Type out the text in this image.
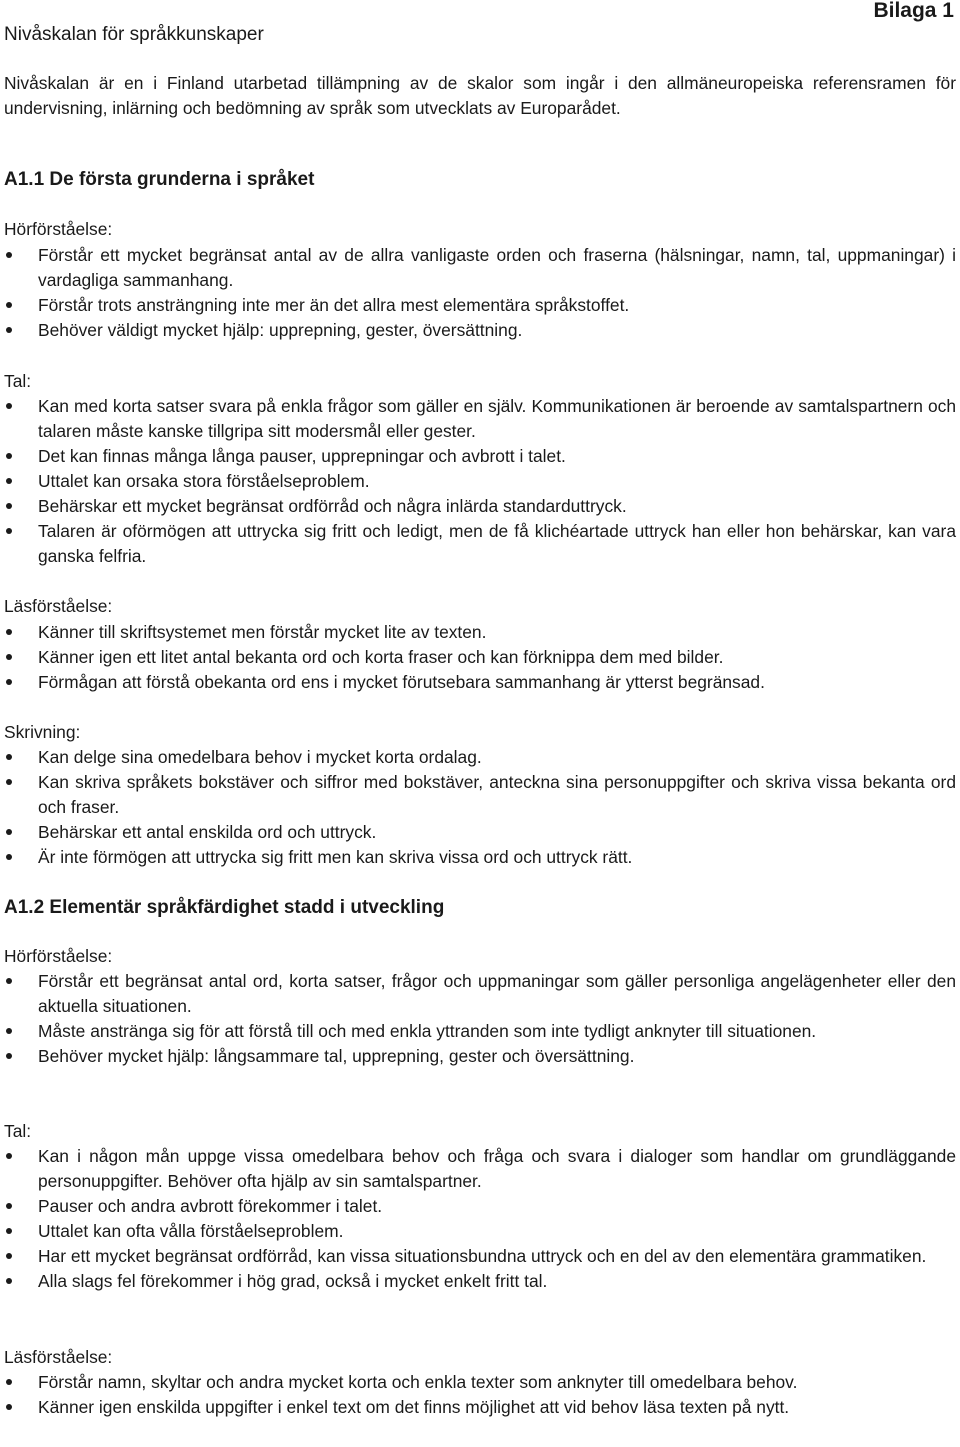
Bilaga 1
Nivåskalan för språkkunskaper
Nivåskalan är en i Finland utarbetad tillämpning av de skalor som ingår i den allmäneuropeiska referensramen för undervisning, inlärning och bedömning av språk som utvecklats av Europarådet.
A1.1 De första grunderna i språket
Hörförståelse:
Förstår ett mycket begränsat antal av de allra vanligaste orden och fraserna (hälsningar, namn, tal, uppmaningar) i vardagliga sammanhang.
Förstår trots ansträngning inte mer än det allra mest elementära språkstoffet.
Behöver väldigt mycket hjälp: upprepning, gester, översättning.
Tal:
Kan med korta satser svara på enkla frågor som gäller en själv. Kommunikationen är beroende av samtalspartnern och talaren måste kanske tillgripa sitt modersmål eller gester.
Det kan finnas många långa pauser, upprepningar och avbrott i talet.
Uttalet kan orsaka stora förståelseproblem.
Behärskar ett mycket begränsat ordförråd och några inlärda standarduttryck.
Talaren är oförmögen att uttrycka sig fritt och ledigt, men de få klichéartade uttryck han eller hon behärskar, kan vara ganska felfria.
Läsförståelse:
Känner till skriftsystemet men förstår mycket lite av texten.
Känner igen ett litet antal bekanta ord och korta fraser och kan förknippa dem med bilder.
Förmågan att förstå obekanta ord ens i mycket förutsebara sammanhang är ytterst begränsad.
Skrivning:
Kan delge sina omedelbara behov i mycket korta ordalag.
Kan skriva språkets bokstäver och siffror med bokstäver, anteckna sina personuppgifter och skriva vissa bekanta ord och fraser.
Behärskar ett antal enskilda ord och uttryck.
Är inte förmögen att uttrycka sig fritt men kan skriva vissa ord och uttryck rätt.
A1.2 Elementär språkfärdighet stadd i utveckling
Hörförståelse:
Förstår ett begränsat antal ord, korta satser, frågor och uppmaningar som gäller personliga angelägenheter eller den aktuella situationen.
Måste anstränga sig för att förstå till och med enkla yttranden som inte tydligt anknyter till situationen.
Behöver mycket hjälp: långsammare tal, upprepning, gester och översättning.
Tal:
Kan i någon mån uppge vissa omedelbara behov och fråga och svara i dialoger som handlar om grundläggande personuppgifter. Behöver ofta hjälp av sin samtalspartner.
Pauser och andra avbrott förekommer i talet.
Uttalet kan ofta vålla förståelseproblem.
Har ett mycket begränsat ordförråd, kan vissa situationsbundna uttryck och en del av den elementära grammatiken.
Alla slags fel förekommer i hög grad, också i mycket enkelt fritt tal.
Läsförståelse:
Förstår namn, skyltar och andra mycket korta och enkla texter som anknyter till omedelbara behov.
Känner igen enskilda uppgifter i enkel text om det finns möjlighet att vid behov läsa texten på nytt.
